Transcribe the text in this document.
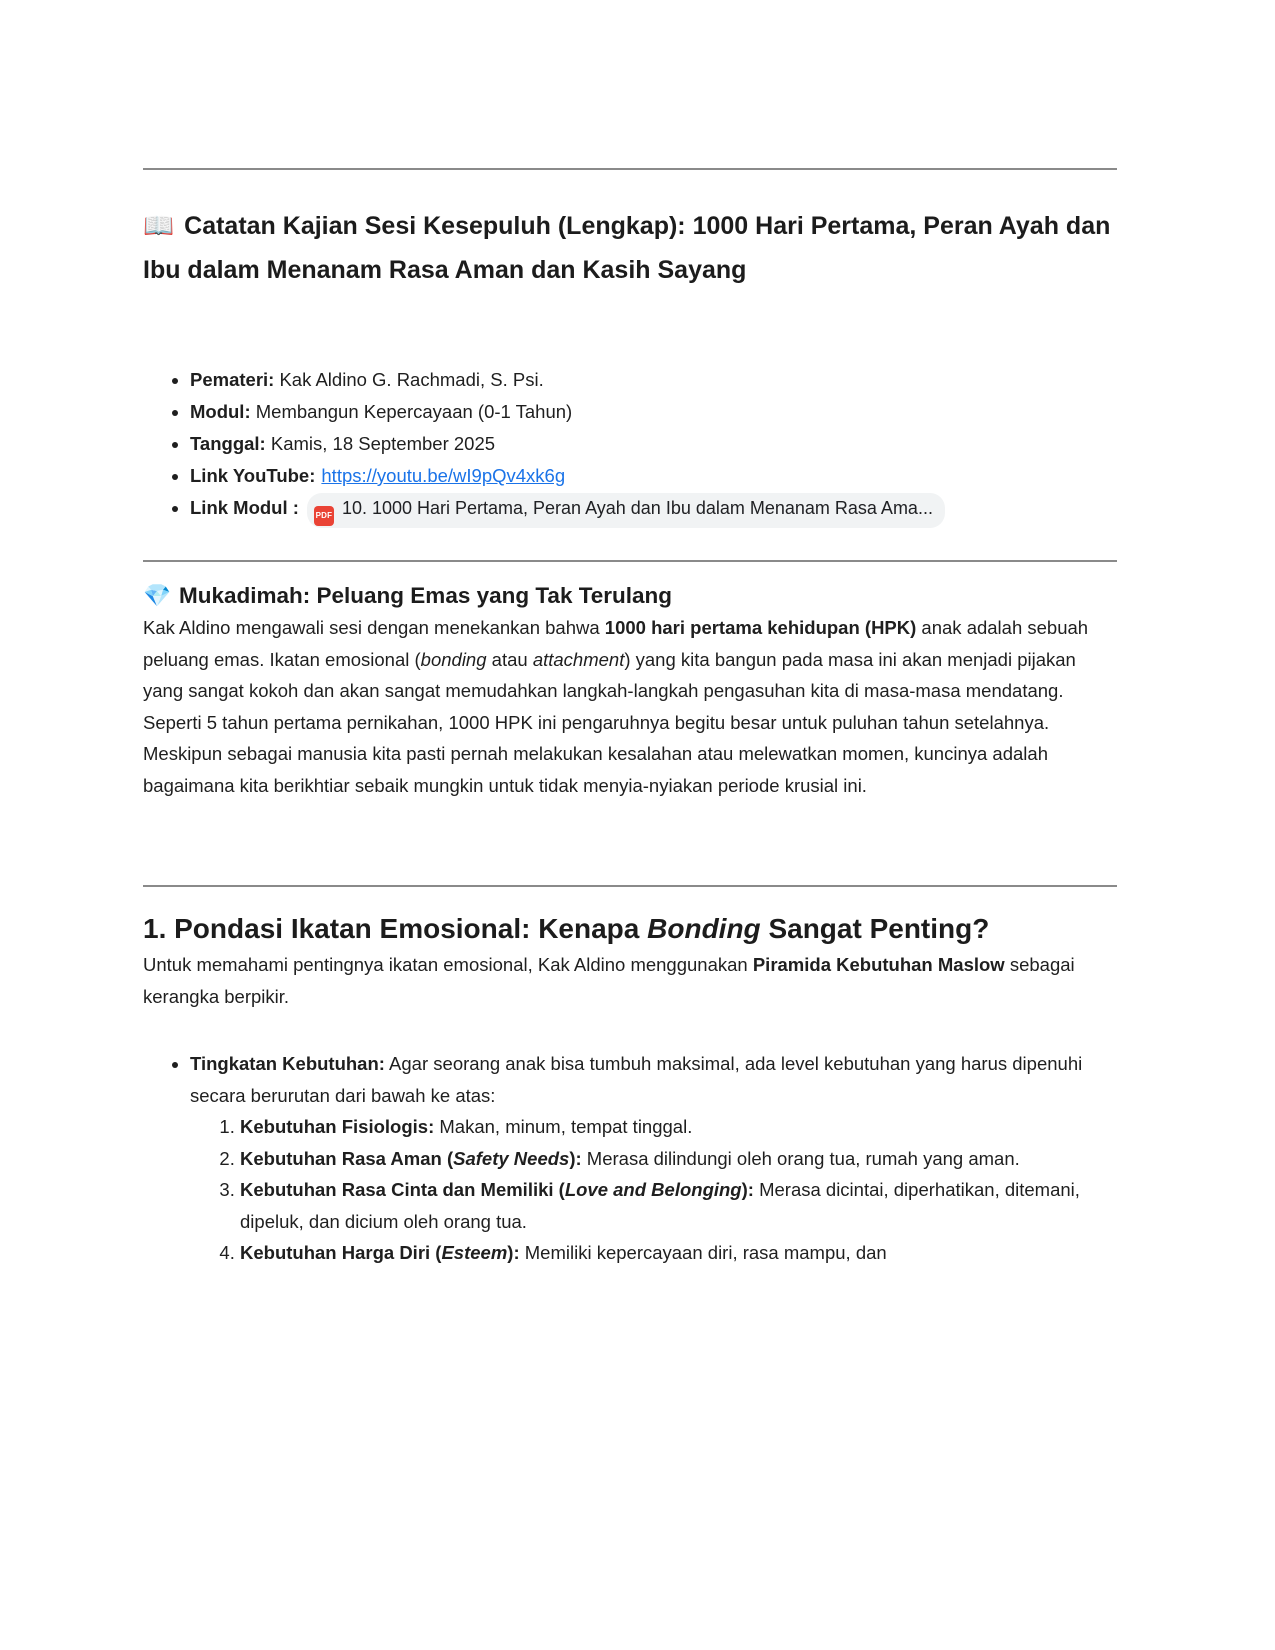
📖 Catatan Kajian Sesi Kesepuluh (Lengkap): 1000 Hari Pertama, Peran Ayah dan Ibu dalam Menanam Rasa Aman dan Kasih Sayang
• Pemateri: Kak Aldino G. Rachmadi, S. Psi.
• Modul: Membangun Kepercayaan (0-1 Tahun)
• Tanggal: Kamis, 18 September 2025
• Link YouTube: https://youtu.be/wI9pQv4xk6g
• Link Modul : PDF 10. 1000 Hari Pertama, Peran Ayah dan Ibu dalam Menanam Rasa Ama...
💎 Mukadimah: Peluang Emas yang Tak Terulang

Kak Aldino mengawali sesi dengan menekankan bahwa 1000 hari pertama kehidupan (HPK) anak adalah sebuah peluang emas. Ikatan emosional (bonding atau attachment) yang kita bangun pada masa ini akan menjadi pijakan yang sangat kokoh dan akan sangat memudahkan langkah-langkah pengasuhan kita di masa-masa mendatang. Seperti 5 tahun pertama pernikahan, 1000 HPK ini pengaruhnya begitu besar untuk puluhan tahun setelahnya.

Meskipun sebagai manusia kita pasti pernah melakukan kesalahan atau melewatkan momen, kuncinya adalah bagaimana kita berikhtiar sebaik mungkin untuk tidak menyia-nyiakan periode krusial ini.

1. Pondasi Ikatan Emosional: Kenapa Bonding Sangat Penting?

Untuk memahami pentingnya ikatan emosional, Kak Aldino menggunakan Piramida Kebutuhan Maslow sebagai kerangka berpikir.

• Tingkatan Kebutuhan: Agar seorang anak bisa tumbuh maksimal, ada level kebutuhan yang harus dipenuhi secara berurutan dari bawah ke atas:
1. Kebutuhan Fisiologis: Makan, minum, tempat tinggal.
2. Kebutuhan Rasa Aman (Safety Needs): Merasa dilindungi oleh orang tua, rumah yang aman.
3. Kebutuhan Rasa Cinta dan Memiliki (Love and Belonging): Merasa dicintai, diperhatikan, ditemani, dipeluk, dan dicium oleh orang tua.
4. Kebutuhan Harga Diri (Esteem): Memiliki kepercayaan diri, rasa mampu, dan
